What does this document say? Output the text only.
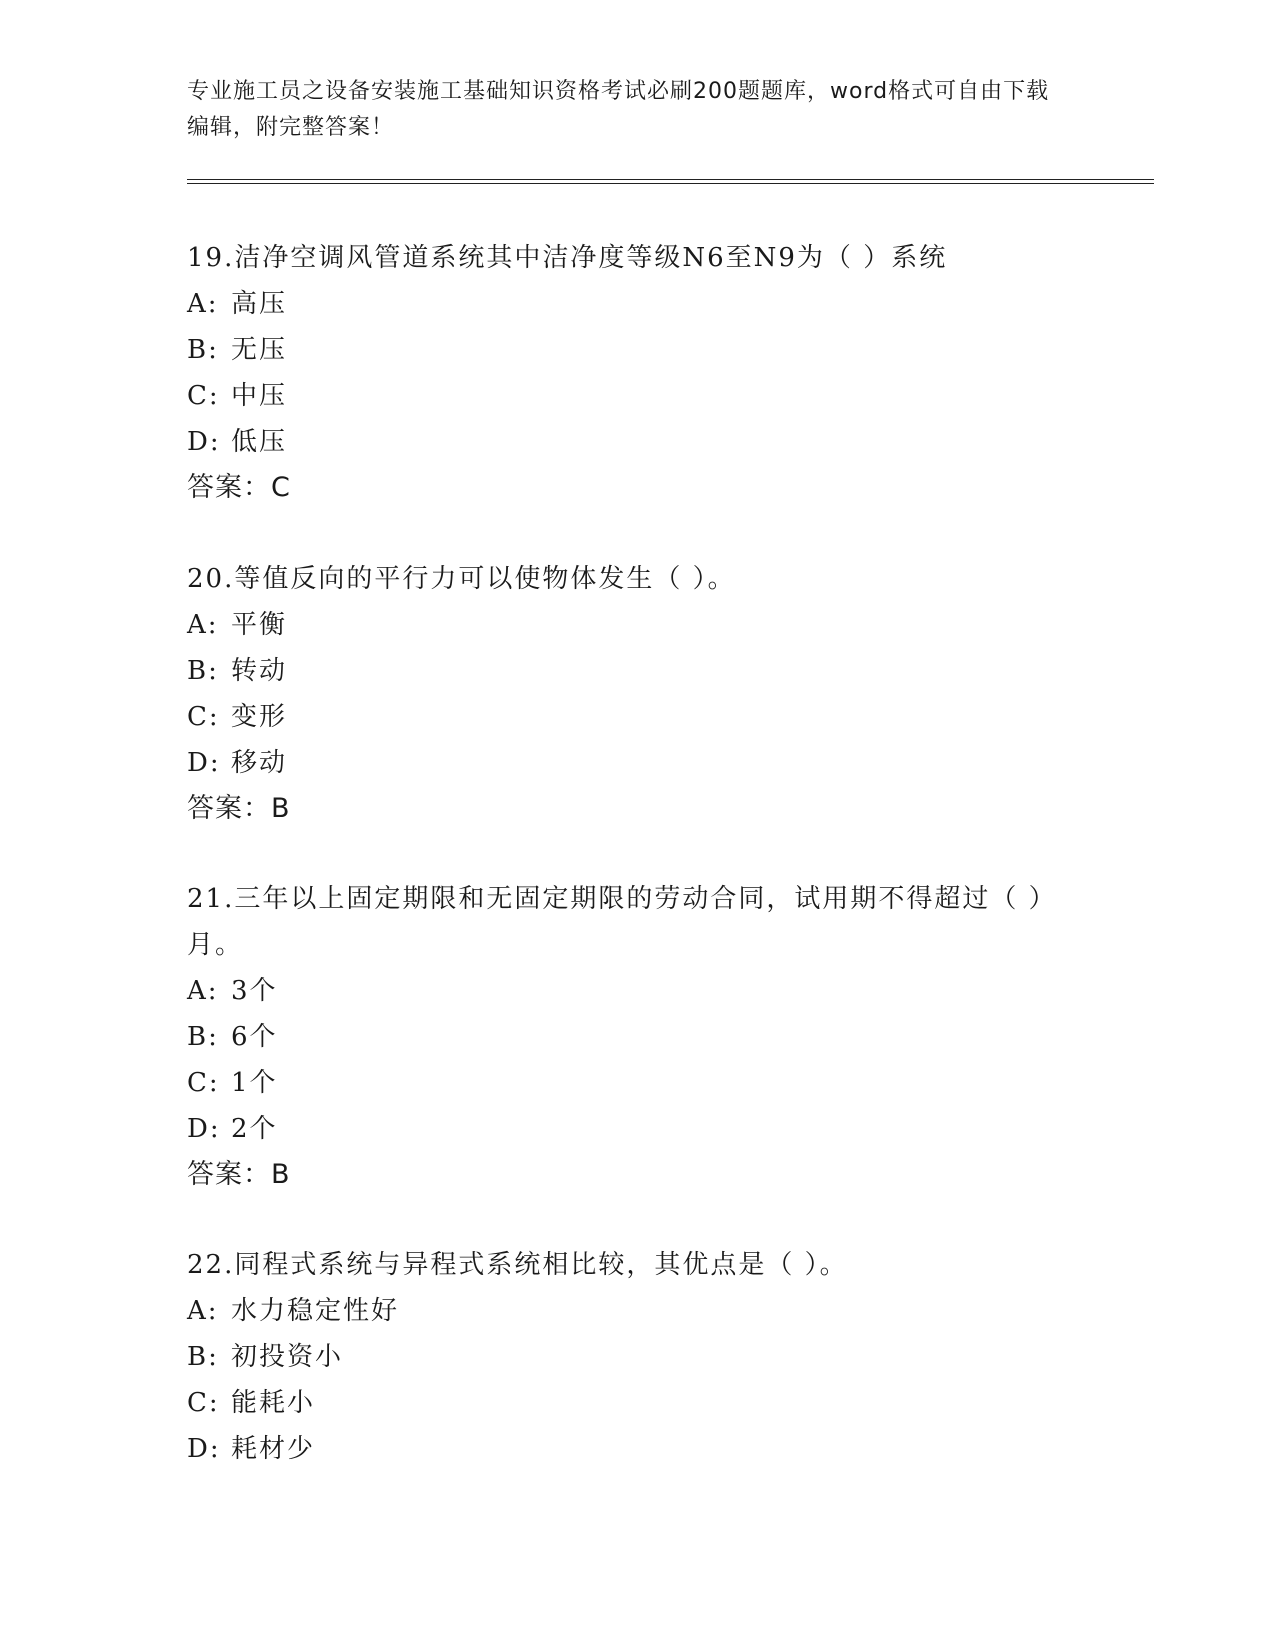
专业施工员之设备安装施工基础知识资格考试必刷200题题库，word格式可自由下载编辑，附完整答案！

19.洁净空调风管道系统其中洁净度等级N6至N9为（ ）系统

A: 高压

B: 无压

C: 中压

D: 低压

答案：C

20.等值反向的平行力可以使物体发生（ ）。

A: 平衡

B: 转动

C: 变形

D: 移动

答案：B

21.三年以上固定期限和无固定期限的劳动合同，试用期不得超过（ ）月。

A: 3个

B: 6个

C: 1个

D: 2个

答案：B

22.同程式系统与异程式系统相比较，其优点是（ ）。

A: 水力稳定性好

B: 初投资小

C: 能耗小

D: 耗材少
